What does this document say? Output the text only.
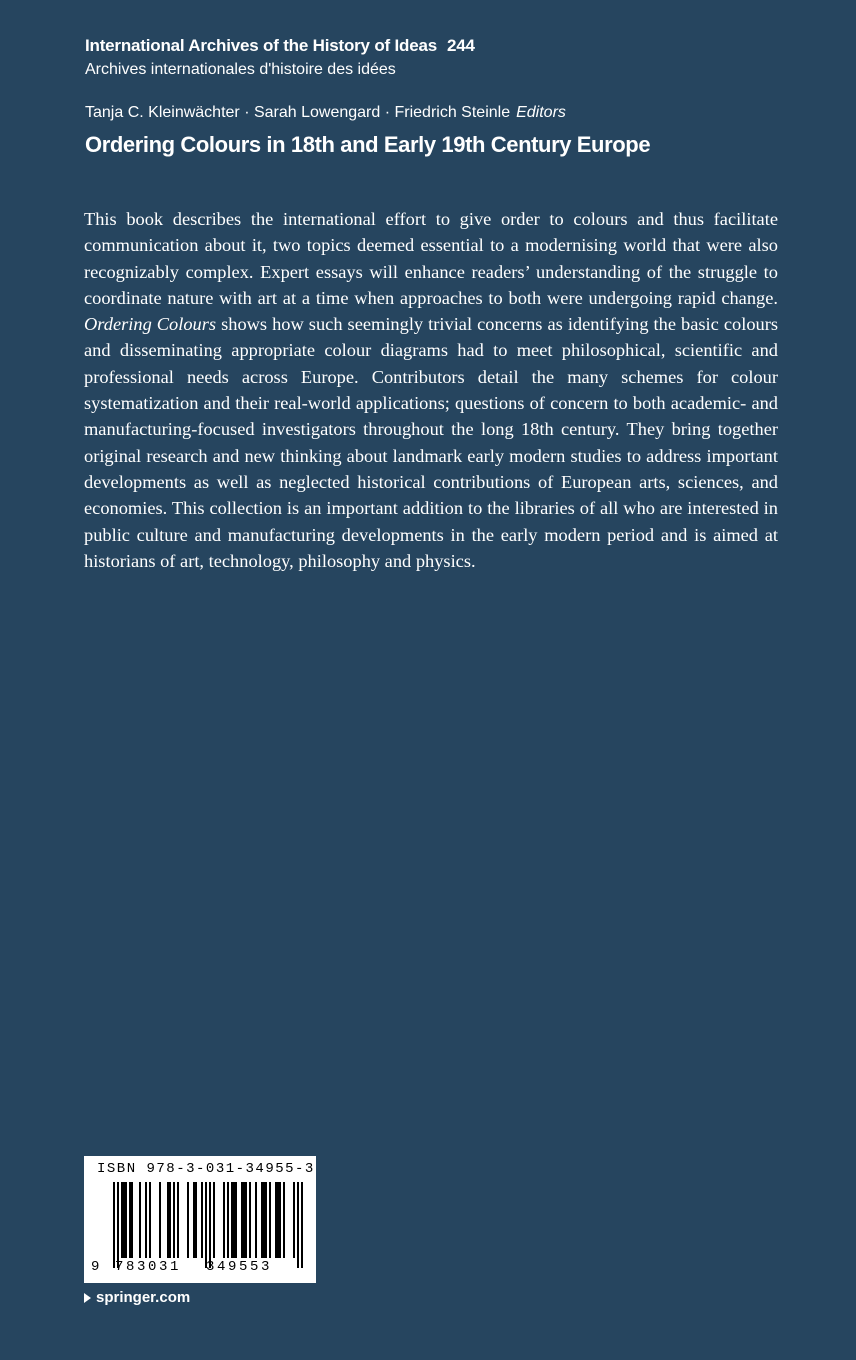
International Archives of the History of Ideas 244
Archives internationales d'histoire des idées
Tanja C. Kleinwächter · Sarah Lowengard · Friedrich Steinle Editors
Ordering Colours in 18th and Early 19th Century Europe

This book describes the international effort to give order to colours and thus facilitate communication about it, two topics deemed essential to a modernising world that were also recognizably complex. Expert essays will enhance readers’ understanding of the struggle to coordinate nature with art at a time when approaches to both were undergoing rapid change. Ordering Colours shows how such seemingly trivial concerns as identifying the basic colours and disseminating appropriate colour diagrams had to meet philosophical, scientific and professional needs across Europe. Contributors detail the many schemes for colour systematization and their real-world applications; questions of concern to both academic- and manufacturing-focused investigators throughout the long 18th century. They bring together original research and new thinking about landmark early modern studies to address important developments as well as neglected historical contributions of European arts, sciences, and economies. This collection is an important addition to the libraries of all who are interested in public culture and manufacturing developments in the early modern period and is aimed at historians of art, technology, philosophy and physics.

ISBN 978-3-031-34955-3
9 783031 349553
springer.com
